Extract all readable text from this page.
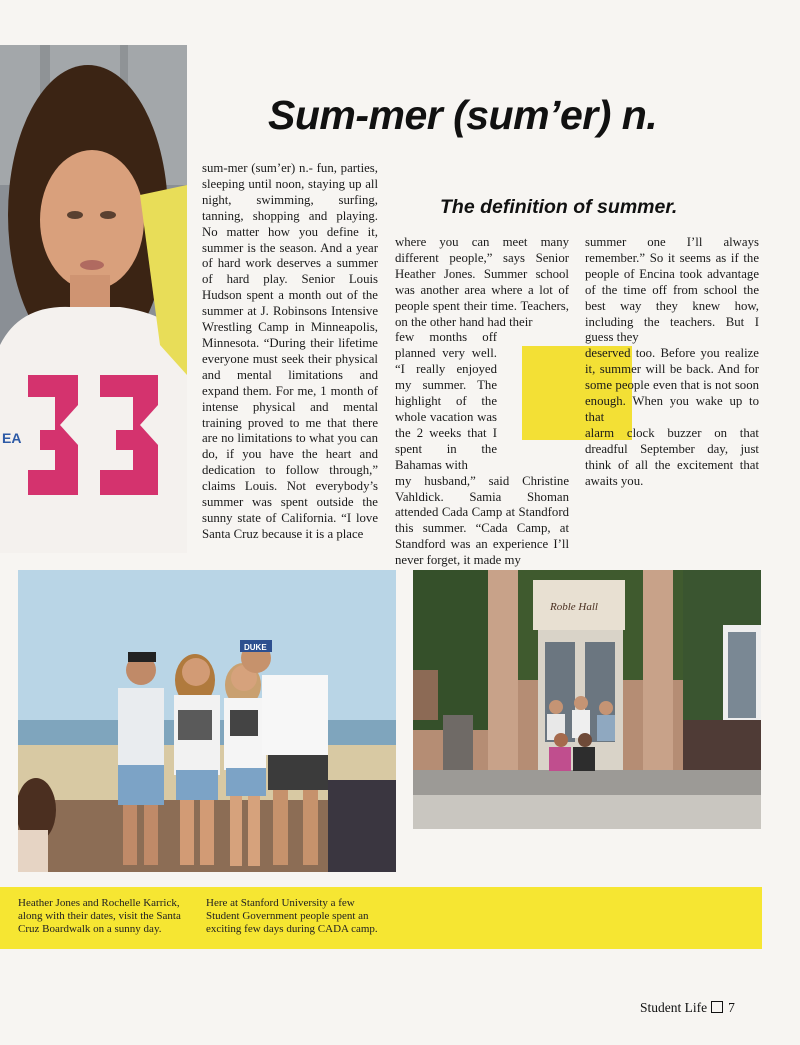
EA
Sum-mer (sum’er) n.
The definition of summer.

sum-mer (sum’er) n.- fun, parties, sleeping until noon, staying up all night, swimming, surfing, tanning, shopping and playing. No matter how you define it, summer is the season. And a year of hard work deserves a summer of hard play. Senior Louis Hudson spent a month out of the summer at J. Robinsons Intensive Wrestling Camp in Minneapolis, Minnesota. “During their lifetime everyone must seek their physical and mental limitations and expand them. For me, 1 month of intense physical and mental training proved to me that there are no limitations to what you can do, if you have the heart and dedication to follow through,” claims Louis. Not everybody’s summer was spent outside the sunny state of California. “I love Santa Cruz because it is a place

where you can meet many different people,” says Senior Heather Jones. Summer school was another area where a lot of people spent their time. Teachers, on the other hand had their

few months off planned very well. “I really enjoyed my summer. The highlight of the whole vacation was the 2 weeks that I spent in the Bahamas with

my husband,” said Christine Vahldick. Samia Shoman attended Cada Camp at Standford this summer. “Cada Camp, at Standford was an experience I’ll never forget, it made my

summer one I’ll always remember.” So it seems as if the people of Encina took advantage of the time off from school the best way they knew how, including the teachers. But I guess they

deserved too. Before you realize it, summer will be back. And for some people even that is not soon enough. When you wake up to that

alarm clock buzzer on that dreadful September day, just think of all the excitement that awaits you.

DUKE
Roble Hall
Heather Jones and Rochelle Karrick, along with their dates, visit the Santa Cruz Boardwalk on a sunny day.
Here at Stanford University a few Student Government people spent an exciting few days during CADA camp.
Student Life 7
